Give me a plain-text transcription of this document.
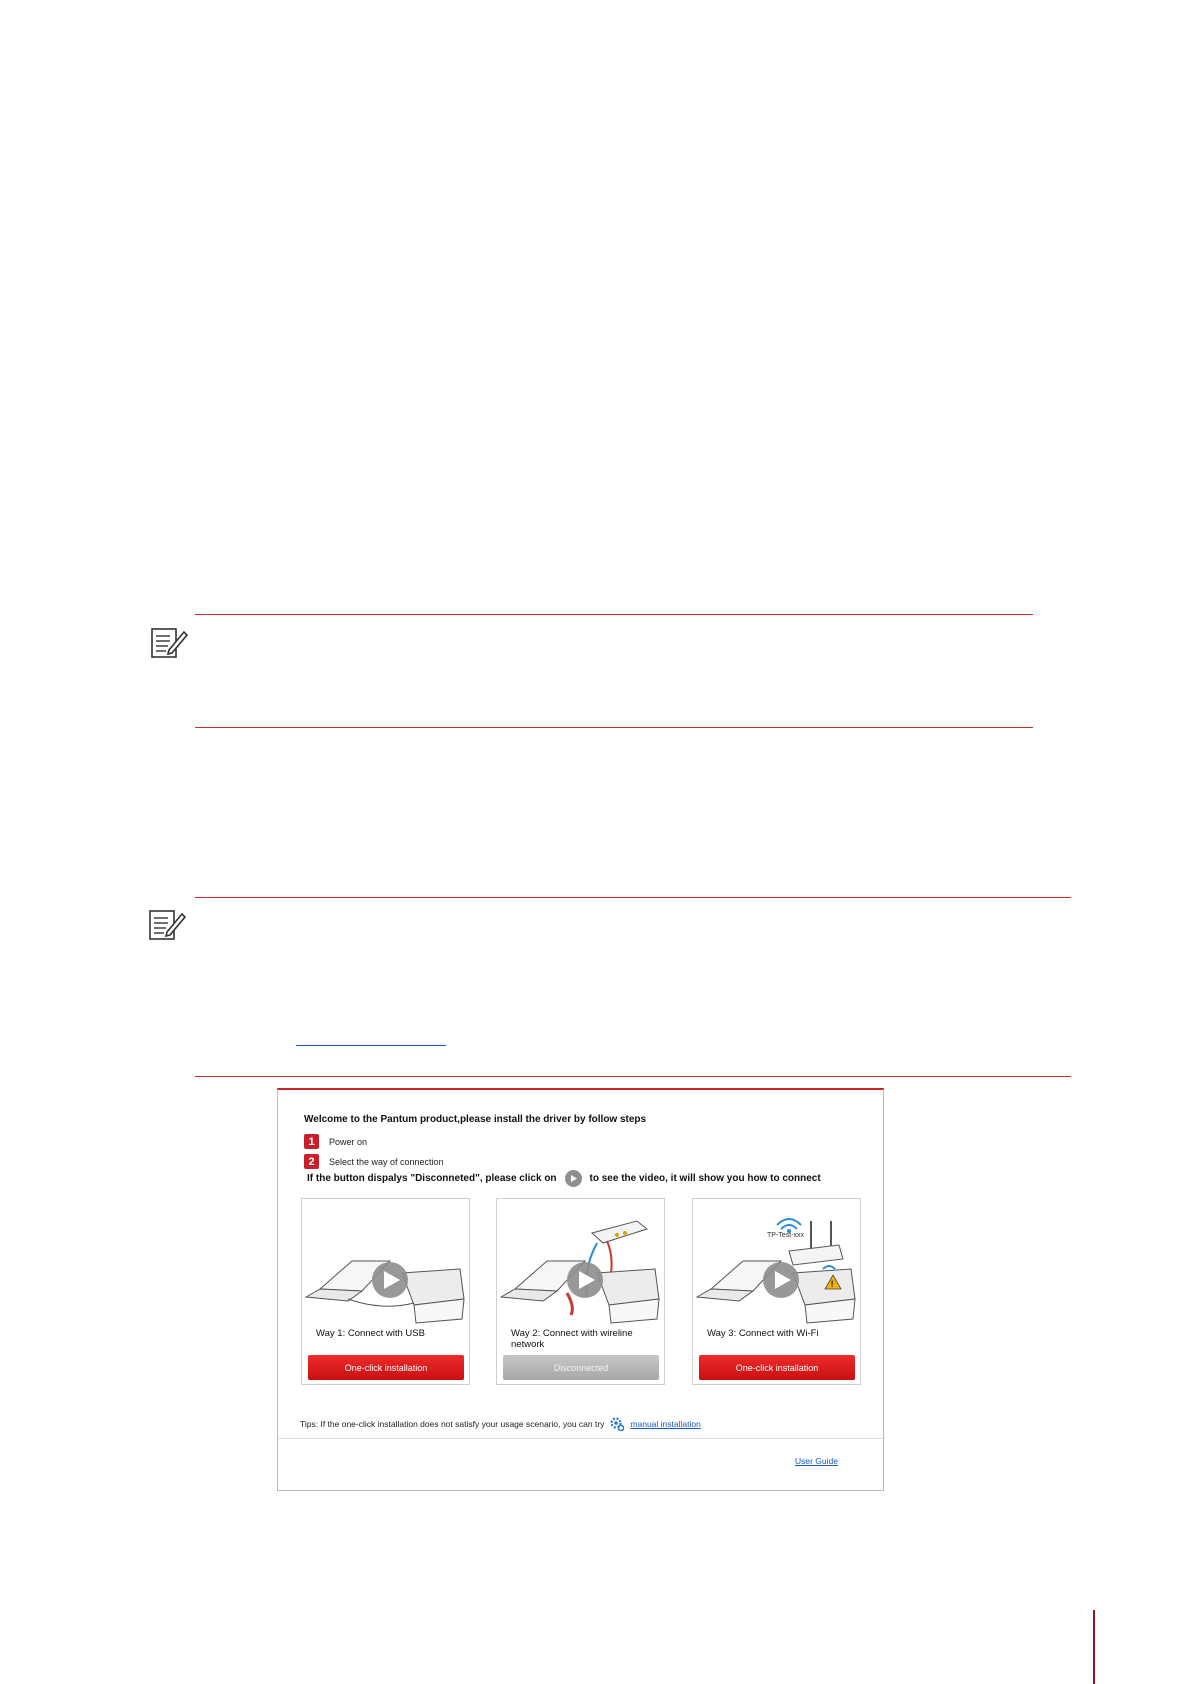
Welcome to the Pantum product,please install the driver by follow steps
1	Power on
2	Select the way of connection
If the button dispalys "Disconneted", please click on	to see the video, it will show you how to connect
Way 1: Connect with USB
One-click installation
Way 2: Connect with wireline network
Disconnected
!
TP-Test-xxx
Way 3: Connect with Wi-Fi
One-click installation
Tips: If the one-click installation does not satisfy your usage scenario, you can try	manual installation
User Guide
